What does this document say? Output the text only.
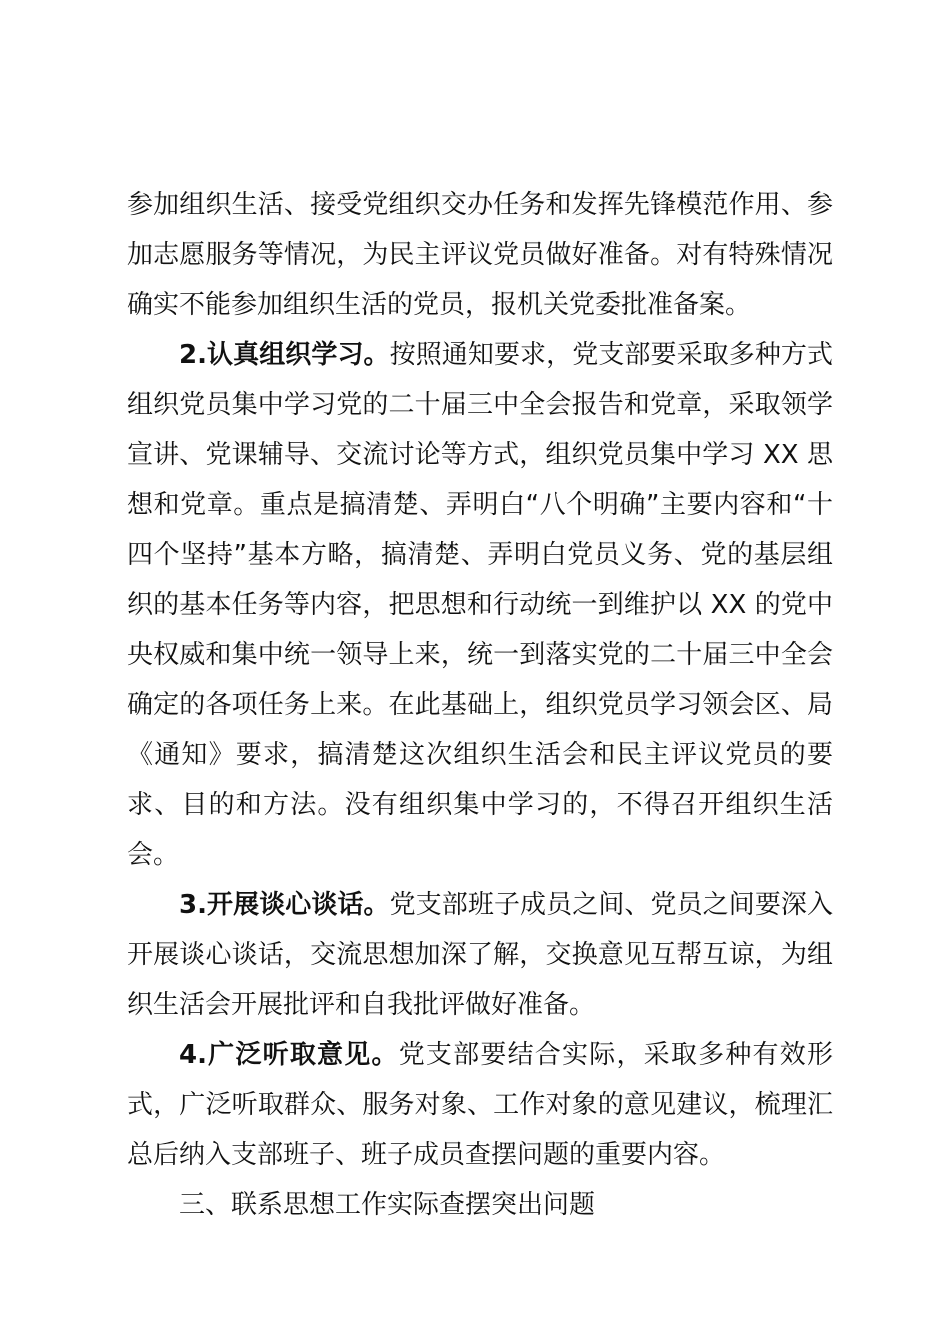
参加组织生活、接受党组织交办任务和发挥先锋模范作用、参加志愿服务等情况，为民主评议党员做好准备。对有特殊情况确实不能参加组织生活的党员，报机关党委批准备案。

2.认真组织学习。按照通知要求，党支部要采取多种方式组织党员集中学习党的二十届三中全会报告和党章，采取领学宣讲、党课辅导、交流讨论等方式，组织党员集中学习 XX 思想和党章。重点是搞清楚、弄明白“八个明确”主要内容和“十四个坚持”基本方略，搞清楚、弄明白党员义务、党的基层组织的基本任务等内容，把思想和行动统一到维护以 XX 的党中央权威和集中统一领导上来，统一到落实党的二十届三中全会确定的各项任务上来。在此基础上，组织党员学习领会区、局《通知》要求，搞清楚这次组织生活会和民主评议党员的要求、目的和方法。没有组织集中学习的，不得召开组织生活会。

3.开展谈心谈话。党支部班子成员之间、党员之间要深入开展谈心谈话，交流思想加深了解，交换意见互帮互谅，为组织生活会开展批评和自我批评做好准备。

4.广泛听取意见。党支部要结合实际，采取多种有效形式，广泛听取群众、服务对象、工作对象的意见建议，梳理汇总后纳入支部班子、班子成员查摆问题的重要内容。

三、联系思想工作实际查摆突出问题
